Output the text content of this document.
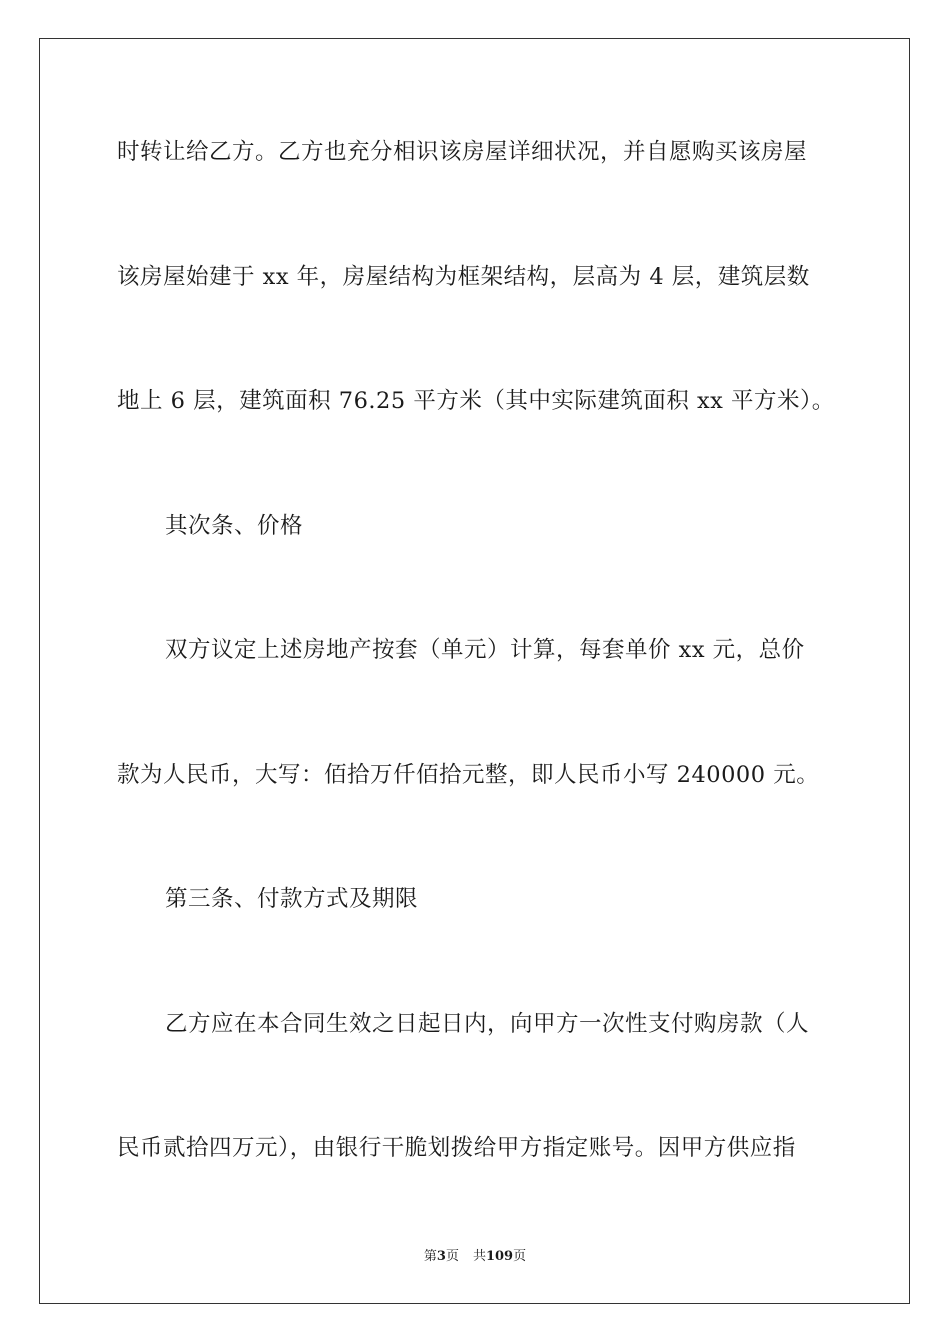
时转让给乙方。乙方也充分相识该房屋详细状况，并自愿购买该房屋
该房屋始建于 xx 年，房屋结构为框架结构，层高为 4 层，建筑层数
地上 6 层，建筑面积 76.25 平方米（其中实际建筑面积 xx 平方米）。
其次条、价格
双方议定上述房地产按套（单元）计算，每套单价 xx 元，总价
款为人民币，大写：佰拾万仟佰拾元整，即人民币小写 240000 元。
第三条、付款方式及期限
乙方应在本合同生效之日起日内，向甲方一次性支付购房款（人
民币贰拾四万元），由银行干脆划拨给甲方指定账号。因甲方供应指
第3页 共109页
